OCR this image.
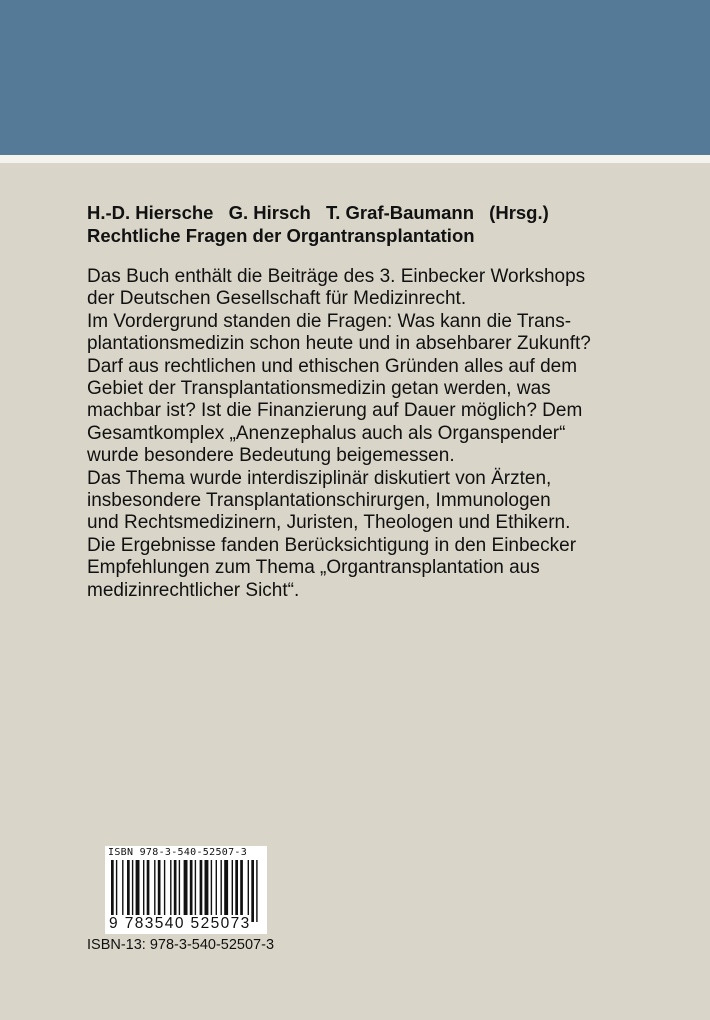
H.-D. Hiersche G. Hirsch T. Graf-Baumann (Hrsg.)
Rechtliche Fragen der Organtransplantation
Das Buch enthält die Beiträge des 3. Einbecker Workshops
der Deutschen Gesellschaft für Medizinrecht.
Im Vordergrund standen die Fragen: Was kann die Trans-
plantationsmedizin schon heute und in absehbarer Zukunft?
Darf aus rechtlichen und ethischen Gründen alles auf dem
Gebiet der Transplantationsmedizin getan werden, was
machbar ist? Ist die Finanzierung auf Dauer möglich? Dem
Gesamtkomplex „Anenzephalus auch als Organspender“
wurde besondere Bedeutung beigemessen.
Das Thema wurde interdisziplinär diskutiert von Ärzten,
insbesondere Transplantationschirurgen, Immunologen
und Rechtsmedizinern, Juristen, Theologen und Ethikern.
Die Ergebnisse fanden Berücksichtigung in den Einbecker
Empfehlungen zum Thema „Organtransplantation aus
medizinrechtlicher Sicht“.
ISBN 978-3-540-52507-3
9 783540 525073
ISBN-13: 978-3-540-52507-3
